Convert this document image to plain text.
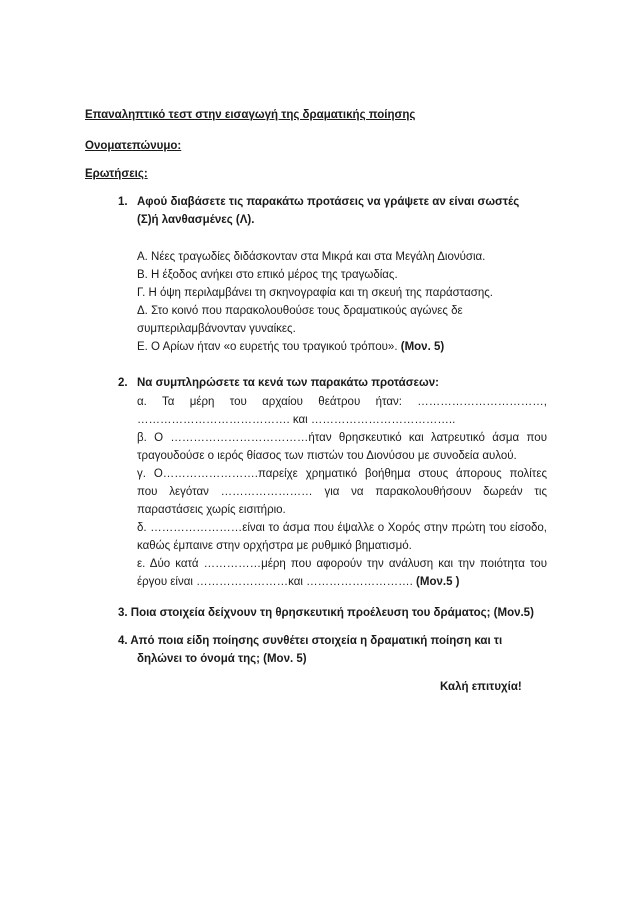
Επαναληπτικό τεστ στην εισαγωγή της δραματικής ποίησης
Ονοματεπώνυμο:
Ερωτήσεις:
1. Αφού διαβάσετε τις παρακάτω προτάσεις να γράψετε αν είναι σωστές
(Σ)ή λανθασμένες (Λ).
Α. Νέες τραγωδίες διδάσκονταν στα Μικρά και στα Μεγάλη Διονύσια.
Β. Η έξοδος ανήκει στο επικό μέρος της τραγωδίας.
Γ. Η όψη περιλαμβάνει τη σκηνογραφία και τη σκευή της παράστασης.
Δ. Στο κοινό που παρακολουθούσε τους δραματικούς αγώνες δε
συμπεριλαμβάνονταν γυναίκες.
Ε. Ο Αρίων ήταν «ο ευρετής του τραγικού τρόπου». (Μον. 5)
2. Να συμπληρώσετε τα κενά των παρακάτω προτάσεων:
α. Τα μέρη του αρχαίου θεάτρου ήταν: ……………………………,
…………………………………. και ………………………………..
β. Ο ………………………………ήταν θρησκευτικό και λατρευτικό άσμα που
τραγουδούσε ο ιερός θίασος των πιστών του Διονύσου με συνοδεία αυλού.
γ. Ο…………………….παρείχε χρηματικό βοήθημα στους άπορους πολίτες
που λεγόταν …………………… για να παρακολουθήσουν δωρεάν τις
παραστάσεις χωρίς εισιτήριο.
δ. ……………………είναι το άσμα που έψαλλε ο Χορός στην πρώτη του είσοδο,
καθώς έμπαινε στην ορχήστρα με ρυθμικό βηματισμό.
ε. Δύο κατά ……………μέρη που αφορούν την ανάλυση και την ποιότητα του
έργου είναι ……………………και ………………………. (Μον.5 )
3. Ποια στοιχεία δείχνουν τη θρησκευτική προέλευση του δράματος; (Μον.5)
4. Από ποια είδη ποίησης συνθέτει στοιχεία η δραματική ποίηση και τι
δηλώνει το όνομά της; (Μον. 5)
Καλή επιτυχία!
